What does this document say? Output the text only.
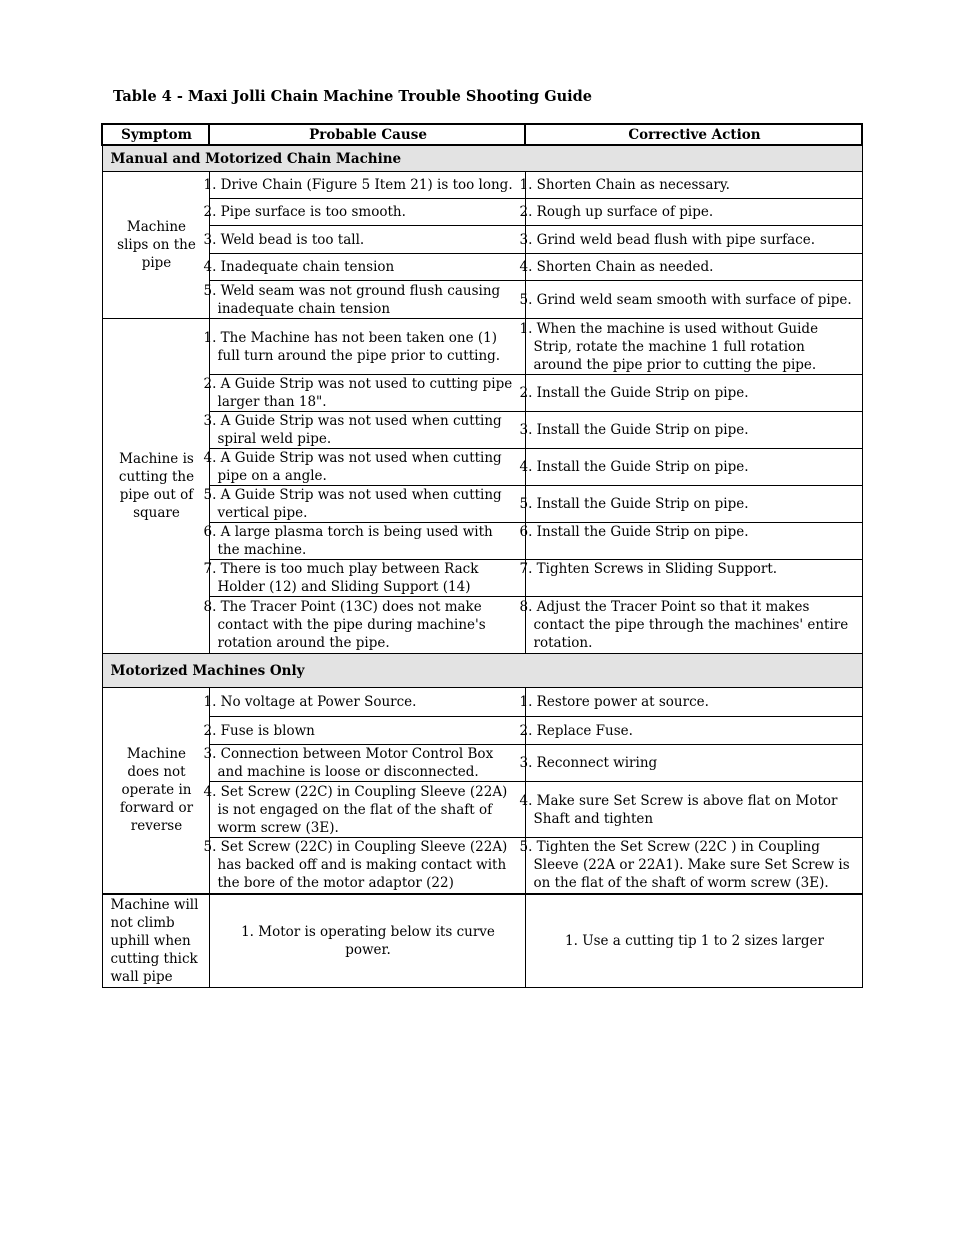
Table 4 - Maxi Jolli Chain Machine Trouble Shooting Guide
Symptom	Probable Cause	Corrective Action
Manual and Motorized Chain Machine		
Machine slips on the pipe	1. Drive Chain (Figure 5 Item 21) is too long.	1. Shorten Chain as necessary.
	2. Pipe surface is too smooth.	2. Rough up surface of pipe.
	3. Weld bead is too tall.	3. Grind weld bead flush with pipe surface.
	4. Inadequate chain tension	4. Shorten Chain as needed.
	5. Weld seam was not ground flush causing inadequate chain tension	5. Grind weld seam smooth with surface of pipe.
Machine is cutting the pipe out of square	1. The Machine has not been taken one (1) full turn around the pipe prior to cutting.	1. When the machine is used without Guide Strip, rotate the machine 1 full rotation around the pipe prior to cutting the pipe.
	2. A Guide Strip was not used to cutting pipe larger than 18".	2. Install the Guide Strip on pipe.
	3. A Guide Strip was not used when cutting spiral weld pipe.	3. Install the Guide Strip on pipe.
	4. A Guide Strip was not used when cutting pipe on a angle.	4. Install the Guide Strip on pipe.
	5. A Guide Strip was not used when cutting vertical pipe.	5. Install the Guide Strip on pipe.
	6. A large plasma torch is being used with the machine.	6. Install the Guide Strip on pipe.
	7. There is too much play between Rack Holder (12) and Sliding Support (14)	7. Tighten Screws in Sliding Support.
	8. The Tracer Point (13C) does not make contact with the pipe during machine's rotation around the pipe.	8. Adjust the Tracer Point so that it makes contact the pipe through the machines' entire rotation.
Motorized Machines Only		
Machine does not operate in forward or reverse	1. No voltage at Power Source.	1. Restore power at source.
	2. Fuse is blown	2. Replace Fuse.
	3. Connection between Motor Control Box and machine is loose or disconnected.	3. Reconnect wiring
	4. Set Screw (22C) in Coupling Sleeve (22A) is not engaged on the flat of the shaft of worm screw (3E).	4. Make sure Set Screw is above flat on Motor Shaft and tighten
	5. Set Screw (22C) in Coupling Sleeve (22A) has backed off and is making contact with the bore of the motor adaptor (22)	5. Tighten the Set Screw (22C ) in Coupling Sleeve (22A or 22A1). Make sure Set Screw is on the flat of the shaft of worm screw (3E).
Machine will not climb uphill when cutting thick wall pipe	1. Motor is operating below its curve power.	1. Use a cutting tip 1 to 2 sizes larger
